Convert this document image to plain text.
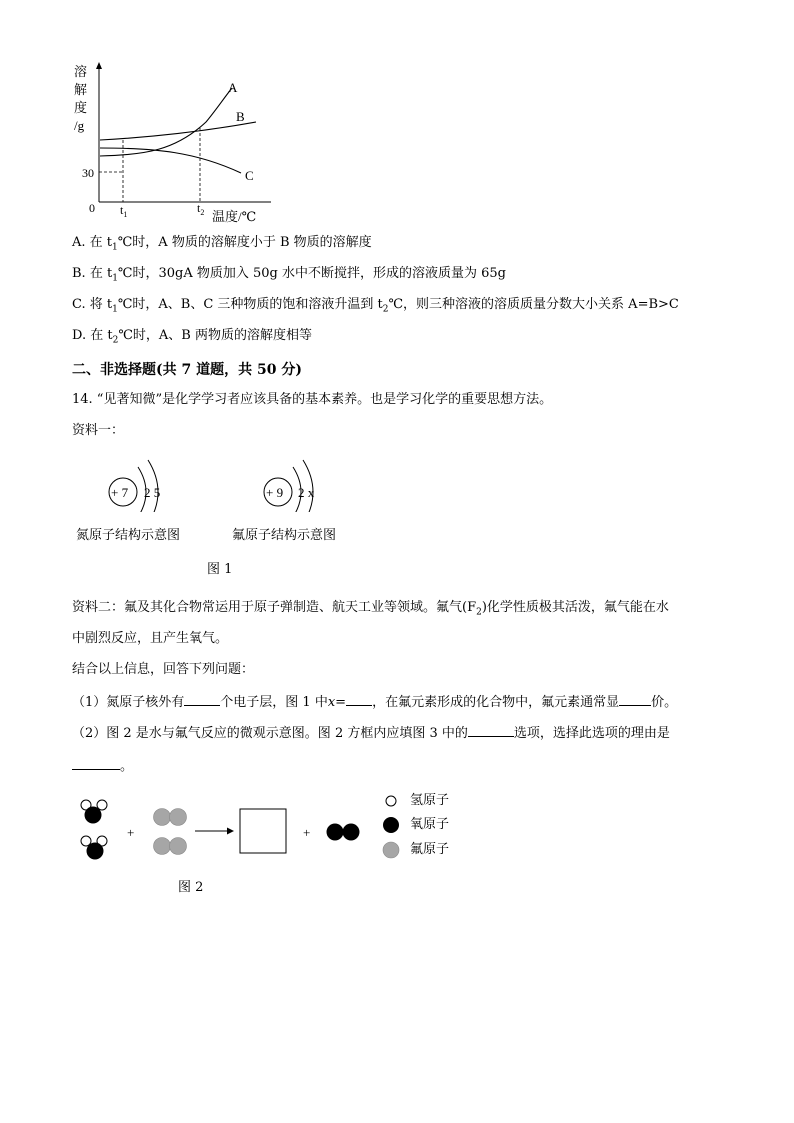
溶
解
度
/g
30
0 $t_1$	$t_2$ 温度/℃
A
B
C
A. 在 $t_1℃$时，A 物质的溶解度小于 B 物质的溶解度
B. 在 $t_1℃$时，30gA 物质加入 50g 水中不断搅拌，形成的溶液质量为 65g
C. 将 $t_1℃$时，A、B、C 三种物质的饱和溶液升温到 $t_2℃$，则三种溶液的溶质质量分数大小关系 A=B>C
D. 在 $t_2℃$时，A、B 两物质的溶解度相等
二、非选择题(共 7 道题，共 50 分)
14. “见著知微”是化学学习者应该具备的基本素养。也是学习化学的重要思想方法。
资料一：
+ 7 2 5	+ 9 2 x
氮原子结构示意图	氟原子结构示意图
图 1
资料二：氟及其化合物常运用于原子弹制造、航天工业等领域。氟气$(F_2)$化学性质极其活泼，氟气能在水
中剧烈反应，且产生氧气。
结合以上信息，回答下列问题：
（1）氮原子核外有	个电子层，图 1 中x= ，在氟元素形成的化合物中，氟元素通常显 价。
（2）图 2 是水与氟气反应的微观示意图。图 2 方框内应填图 3 中的	选项，选择此选项的理由是
。
+	+
氢原子
氧原子
氟原子
图 2
